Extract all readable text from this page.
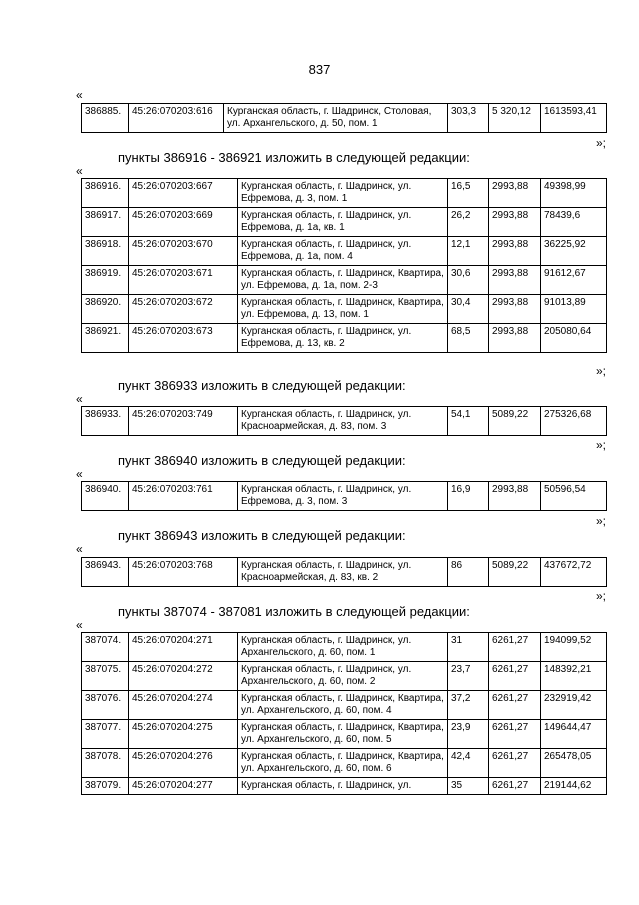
837
«
386885.	45:26:070203:616	Курганская область, г. Шадринск, Столовая, ул. Архангельского, д. 50, пом. 1	303,3	5 320,12	1613593,41
»;
пункты 386916 - 386921 изложить в следующей редакции:
«
386916.	45:26:070203:667	Курганская область, г. Шадринск, ул. Ефремова, д. 3, пом. 1	16,5	2993,88	49398,99
386917.	45:26:070203:669	Курганская область, г. Шадринск, ул. Ефремова, д. 1а, кв. 1	26,2	2993,88	78439,6
386918.	45:26:070203:670	Курганская область, г. Шадринск, ул. Ефремова, д. 1а, пом. 4	12,1	2993,88	36225,92
386919.	45:26:070203:671	Курганская область, г. Шадринск, Квартира, ул. Ефремова, д. 1а, пом. 2-3	30,6	2993,88	91612,67
386920.	45:26:070203:672	Курганская область, г. Шадринск, Квартира, ул. Ефремова, д. 13, пом. 1	30,4	2993,88	91013,89
386921.	45:26:070203:673	Курганская область, г. Шадринск, ул. Ефремова, д. 13, кв. 2	68,5	2993,88	205080,64
»;
пункт 386933 изложить в следующей редакции:
«
386933.	45:26:070203:749	Курганская область, г. Шадринск, ул. Красноармейская, д. 83, пом. 3	54,1	5089,22	275326,68
»;
пункт 386940 изложить в следующей редакции:
«
386940.	45:26:070203:761	Курганская область, г. Шадринск, ул. Ефремова, д. 3, пом. 3	16,9	2993,88	50596,54
»;
пункт 386943 изложить в следующей редакции:
«
386943.	45:26:070203:768	Курганская область, г. Шадринск, ул. Красноармейская, д. 83, кв. 2	86	5089,22	437672,72
»;
пункты 387074 - 387081 изложить в следующей редакции:
«
387074.	45:26:070204:271	Курганская область, г. Шадринск, ул. Архангельского, д. 60, пом. 1	31	6261,27	194099,52
387075.	45:26:070204:272	Курганская область, г. Шадринск, ул. Архангельского, д. 60, пом. 2	23,7	6261,27	148392,21
387076.	45:26:070204:274	Курганская область, г. Шадринск, Квартира, ул. Архангельского, д. 60, пом. 4	37,2	6261,27	232919,42
387077.	45:26:070204:275	Курганская область, г. Шадринск, Квартира, ул. Архангельского, д. 60, пом. 5	23,9	6261,27	149644,47
387078.	45:26:070204:276	Курганская область, г. Шадринск, Квартира, ул. Архангельского, д. 60, пом. 6	42,4	6261,27	265478,05
387079.	45:26:070204:277	Курганская область, г. Шадринск, ул.	35	6261,27	219144,62
